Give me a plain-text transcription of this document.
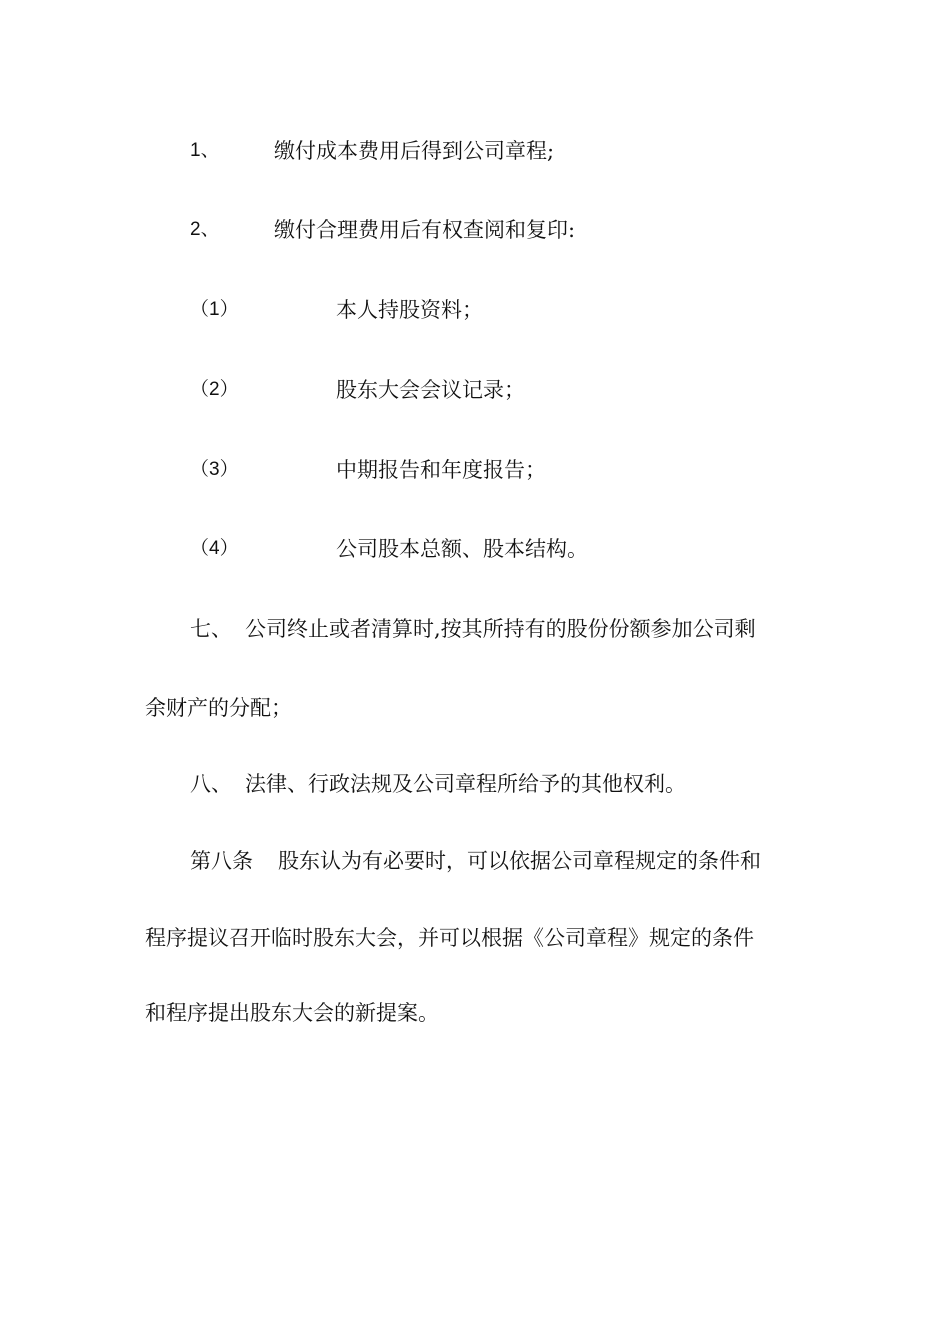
1、	缴付成本费用后得到公司章程;
2、	缴付合理费用后有权查阅和复印:
（1）	本人持股资料；
（2）	股东大会会议记录；
（3）	中期报告和年度报告；
（4）	公司股本总额、股本结构。
七、 公司终止或者清算时,按其所持有的股份份额参加公司剩
余财产的分配；
八、 法律、行政法规及公司章程所给予的其他权利。
第八条 股东认为有必要时，可以依据公司章程规定的条件和
程序提议召开临时股东大会，并可以根据《公司章程》规定的条件
和程序提出股东大会的新提案。
